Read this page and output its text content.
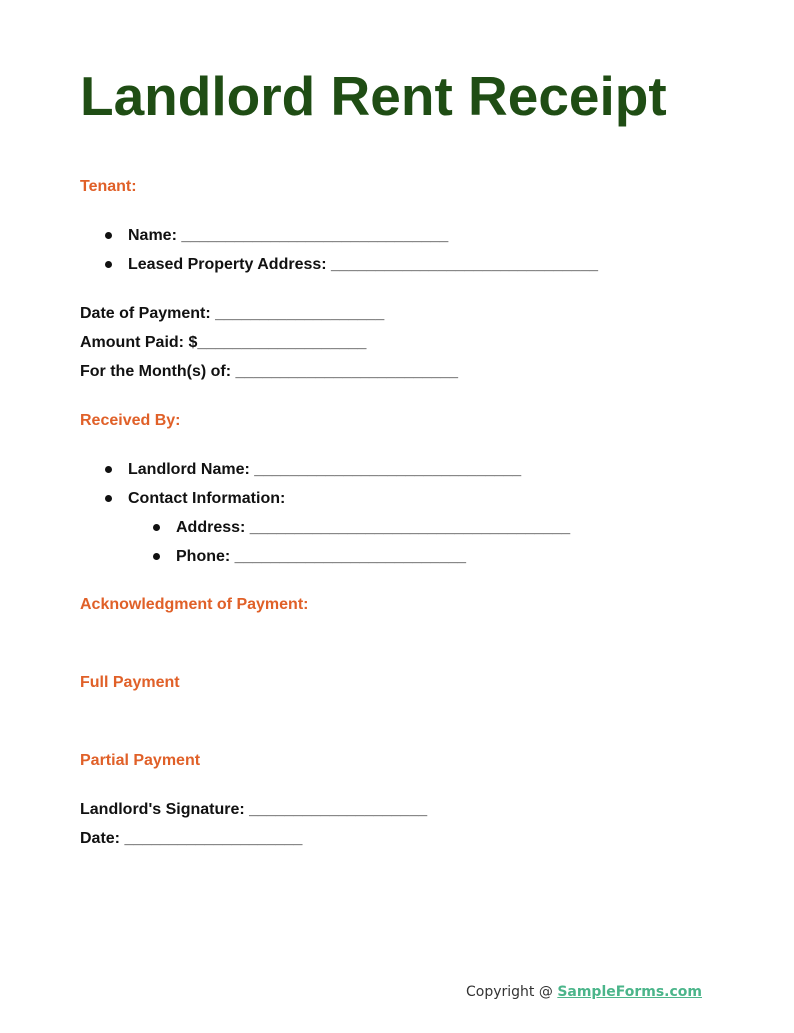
Landlord Rent Receipt
Tenant:
Name: ______________________________
Leased Property Address: ______________________________
Date of Payment: ___________________
Amount Paid: $___________________
For the Month(s) of: _________________________
Received By:
Landlord Name: ______________________________
Contact Information:
Address: ____________________________________
Phone: __________________________
Acknowledgment of Payment:
Full Payment
Partial Payment
Landlord's Signature: ____________________
Date: ____________________
Copyright @ SampleForms.com
